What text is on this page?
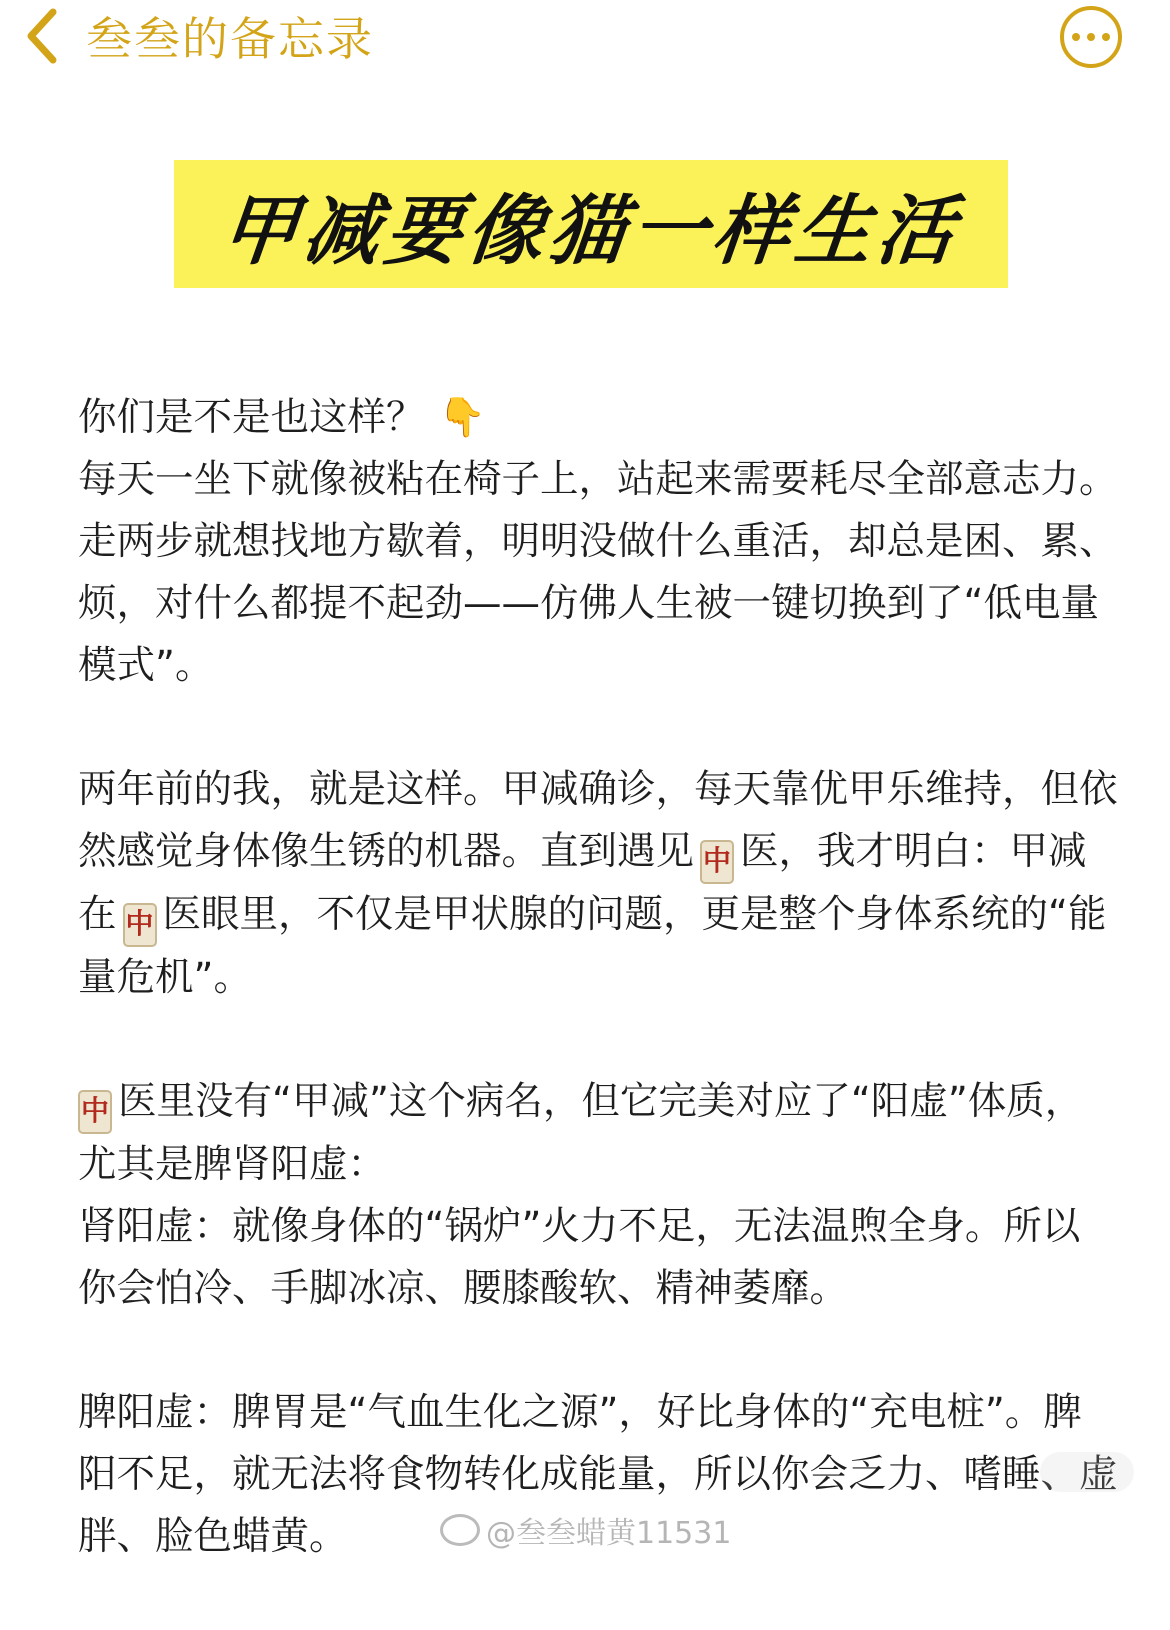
叁叁的备忘录
甲减要像猫一样生活

你们是不是也这样？ 👇
每天一坐下就像被粘在椅子上，站起来需要耗尽全部意志力。走两步就想找地方歇着，明明没做什么重活，却总是困、累、烦，对什么都提不起劲——仿佛人生被一键切换到了“低电量模式”。

两年前的我，就是这样。甲减确诊，每天靠优甲乐维持，但依然感觉身体像生锈的机器。直到遇见 中 医，我才明白：甲减在 中 医眼里，不仅是甲状腺的问题，更是整个身体系统的“能量危机”。

中 医里没有“甲减”这个病名，但它完美对应了“阳虚”体质，尤其是脾肾阳虚：
肾阳虚：就像身体的“锅炉”火力不足，无法温煦全身。所以你会怕冷、手脚冰凉、腰膝酸软、精神萎靡。

脾阳虚：脾胃是“气血生化之源”，好比身体的“充电桩”。脾阳不足，就无法将食物转化成能量，所以你会乏力、嗜睡、虚胖、脸色蜡黄。	@叁叁蜡黄11531
